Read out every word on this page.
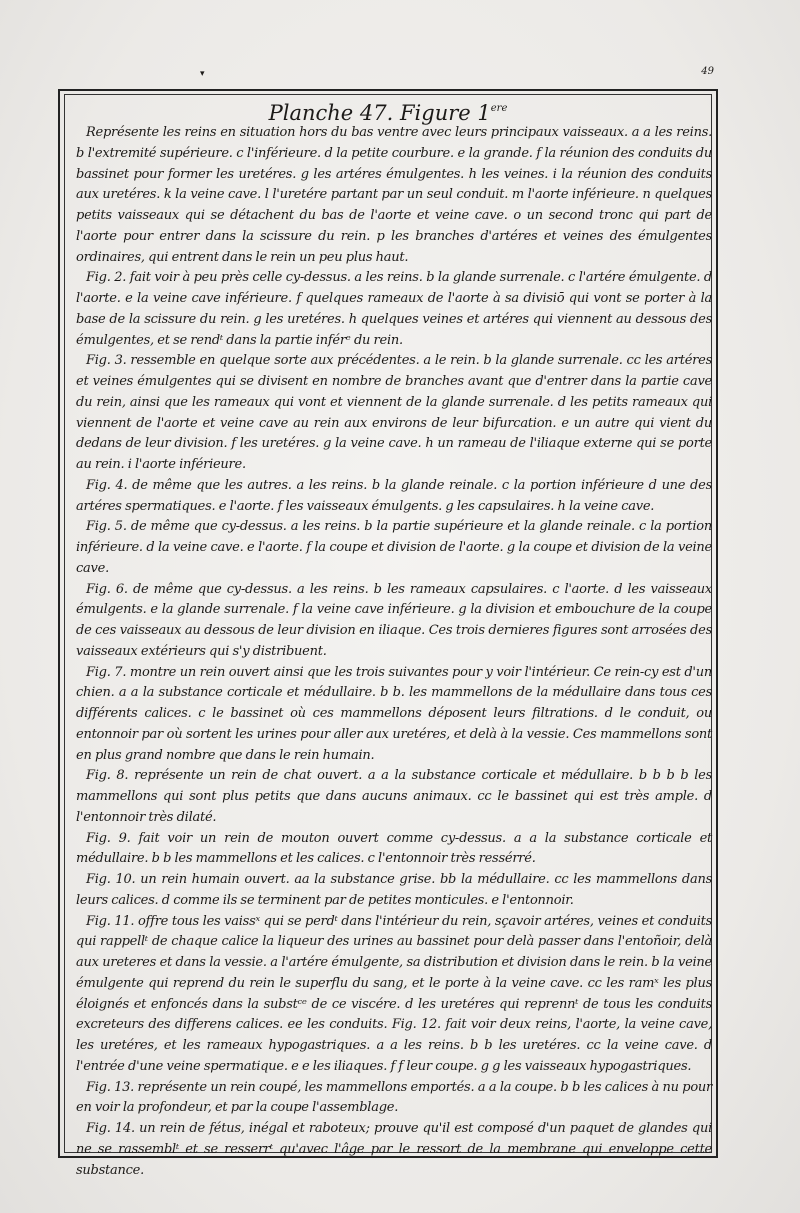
▾	49
Planche 47. Figure 1ere

Représente les reins en situation hors du bas ventre avec leurs principaux vaisseaux. a a les reins. b l'extremité supérieure. c l'inférieure. d la petite courbure. e la grande. f la réunion des conduits du bassinet pour former les uretéres. g les artéres émulgentes. h les veines. i la réunion des conduits aux uretéres. k la veine cave. l l'uretére partant par un seul conduit. m l'aorte inférieure. n quelques petits vaisseaux qui se détachent du bas de l'aorte et veine cave. o un second tronc qui part de l'aorte pour entrer dans la scissure du rein. p les branches d'artéres et veines des émulgentes ordinaires, qui entrent dans le rein un peu plus haut.

Fig. 2. fait voir à peu près celle cy-dessus. a les reins. b la glande surrenale. c l'artére émulgente. d l'aorte. e la veine cave inférieure. f quelques rameaux de l'aorte à sa divisiō qui vont se porter à la base de la scissure du rein. g les uretéres. h quelques veines et artéres qui viennent au dessous des émulgentes, et se rendᵗ dans la partie inférᵉ du rein.

Fig. 3. ressemble en quelque sorte aux précédentes. a le rein. b la glande surrenale. cc les artéres et veines émulgentes qui se divisent en nombre de branches avant que d'entrer dans la partie cave du rein, ainsi que les rameaux qui vont et viennent de la glande surrenale. d les petits rameaux qui viennent de l'aorte et veine cave au rein aux environs de leur bifurcation. e un autre qui vient du dedans de leur division. f les uretéres. g la veine cave. h un rameau de l'iliaque externe qui se porte au rein. i l'aorte inférieure.

Fig. 4. de même que les autres. a les reins. b la glande reinale. c la portion inférieure d une des artéres spermatiques. e l'aorte. f les vaisseaux émulgents. g les capsulaires. h la veine cave.

Fig. 5. de même que cy-dessus. a les reins. b la partie supérieure et la glande reinale. c la portion inférieure. d la veine cave. e l'aorte. f la coupe et division de l'aorte. g la coupe et division de la veine cave.

Fig. 6. de même que cy-dessus. a les reins. b les rameaux capsulaires. c l'aorte. d les vaisseaux émulgents. e la glande surrenale. f la veine cave inférieure. g la division et embouchure de la coupe de ces vaisseaux au dessous de leur division en iliaque. Ces trois dernieres figures sont arrosées des vaisseaux extérieurs qui s'y distribuent.

Fig. 7. montre un rein ouvert ainsi que les trois suivantes pour y voir l'intérieur. Ce rein-cy est d'un chien. a a la substance corticale et médullaire. b b. les mammellons de la médullaire dans tous ces différents calices. c le bassinet où ces mammellons déposent leurs filtrations. d le conduit, ou entonnoir par où sortent les urines pour aller aux uretéres, et delà à la vessie. Ces mammellons sont en plus grand nombre que dans le rein humain.

Fig. 8. représente un rein de chat ouvert. a a la substance corticale et médullaire. b b b b les mammellons qui sont plus petits que dans aucuns animaux. cc le bassinet qui est très ample. d l'entonnoir très dilaté.

Fig. 9. fait voir un rein de mouton ouvert comme cy-dessus. a a la substance corticale et médullaire. b b les mammellons et les calices. c l'entonnoir très ressérré.

Fig. 10. un rein humain ouvert. aa la substance grise. bb la médullaire. cc les mammellons dans leurs calices. d comme ils se terminent par de petites monticules. e l'entonnoir.

Fig. 11. offre tous les vaissˣ qui se perdᵗ dans l'intérieur du rein, sçavoir artéres, veines et conduits qui rappellᵗ de chaque calice la liqueur des urines au bassinet pour delà passer dans l'entoñoir, delà aux ureteres et dans la vessie. a l'artére émulgente, sa distribution et division dans le rein. b la veine émulgente qui reprend du rein le superflu du sang, et le porte à la veine cave. cc les ramˣ les plus éloignés et enfoncés dans la substᶜᵉ de ce viscére. d les uretéres qui reprennᵗ de tous les conduits excreteurs des differens calices. ee les conduits. Fig. 12. fait voir deux reins, l'aorte, la veine cave, les uretéres, et les rameaux hypogastriques. a a les reins. b b les uretéres. cc la veine cave. d l'entrée d'une veine spermatique. e e les iliaques. f f leur coupe. g g les vaisseaux hypogastriques.

Fig. 13. représente un rein coupé, les mammellons emportés. a a la coupe. b b les calices à nu pour en voir la profondeur, et par la coupe l'assemblage.

Fig. 14. un rein de fétus, inégal et raboteux; prouve qu'il est composé d'un paquet de glandes qui ne se rassemblᵗ et se resserrᵗ qu'avec l'âge par le ressort de la membrane qui enveloppe cette substance.
